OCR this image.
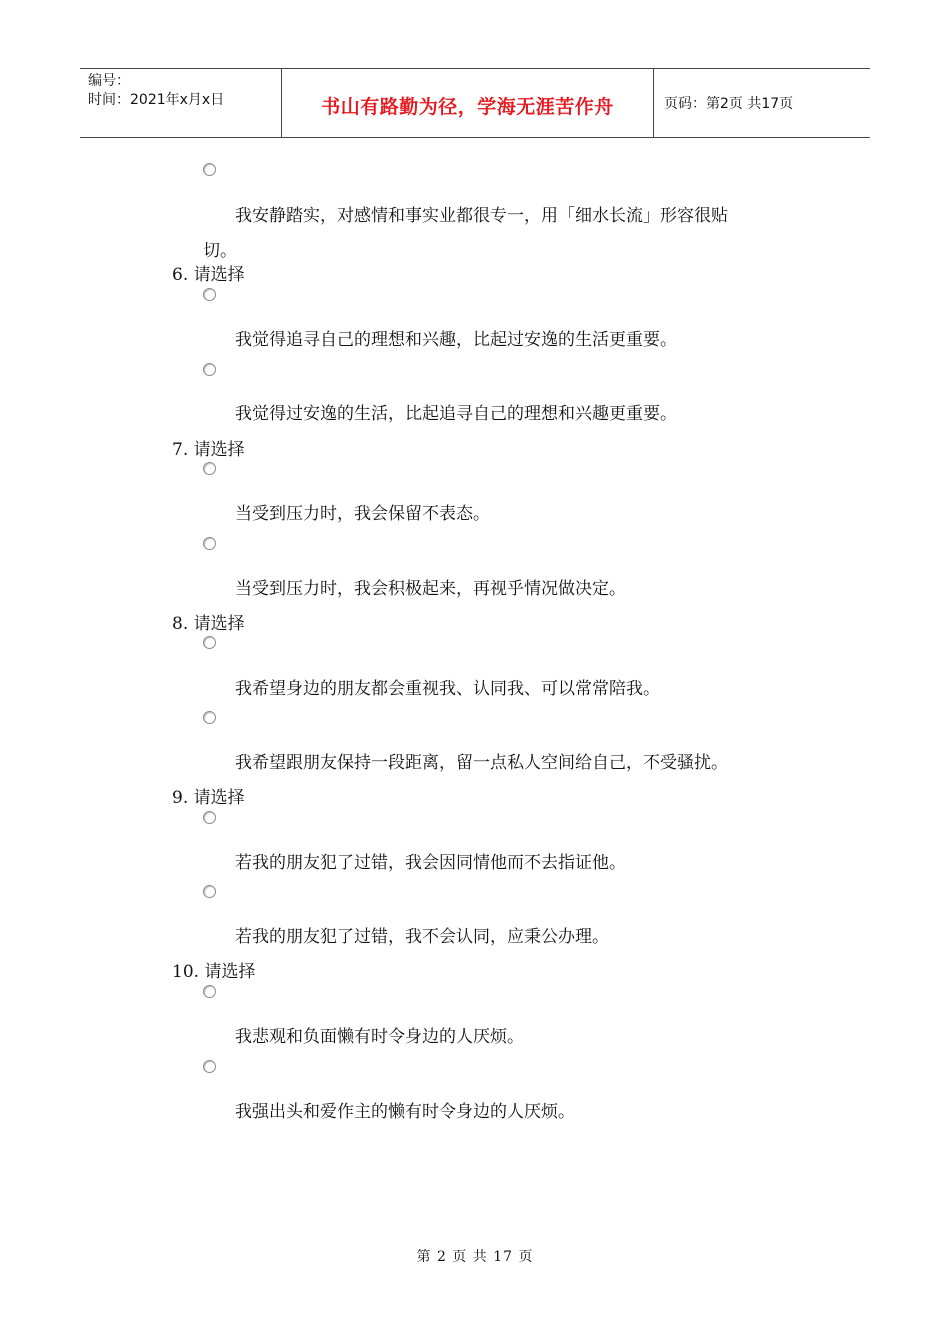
编号：
时间：2021年x月x日	书山有路勤为径，学海无涯苦作舟	页码：第2页 共17页
我安静踏实，对感情和事实业都很专一，用「细水长流」形容很贴
切。
6. 请选择
我觉得追寻自己的理想和兴趣，比起过安逸的生活更重要。
我觉得过安逸的生活，比起追寻自己的理想和兴趣更重要。
7. 请选择
当受到压力时，我会保留不表态。
当受到压力时，我会积极起来，再视乎情况做决定。
8. 请选择
我希望身边的朋友都会重视我、认同我、可以常常陪我。
我希望跟朋友保持一段距离，留一点私人空间给自己，不受骚扰。
9. 请选择
若我的朋友犯了过错，我会因同情他而不去指证他。
若我的朋友犯了过错，我不会认同，应秉公办理。
10. 请选择
我悲观和负面懒有时令身边的人厌烦。
我强出头和爱作主的懒有时令身边的人厌烦。
第 2 页 共 17 页
